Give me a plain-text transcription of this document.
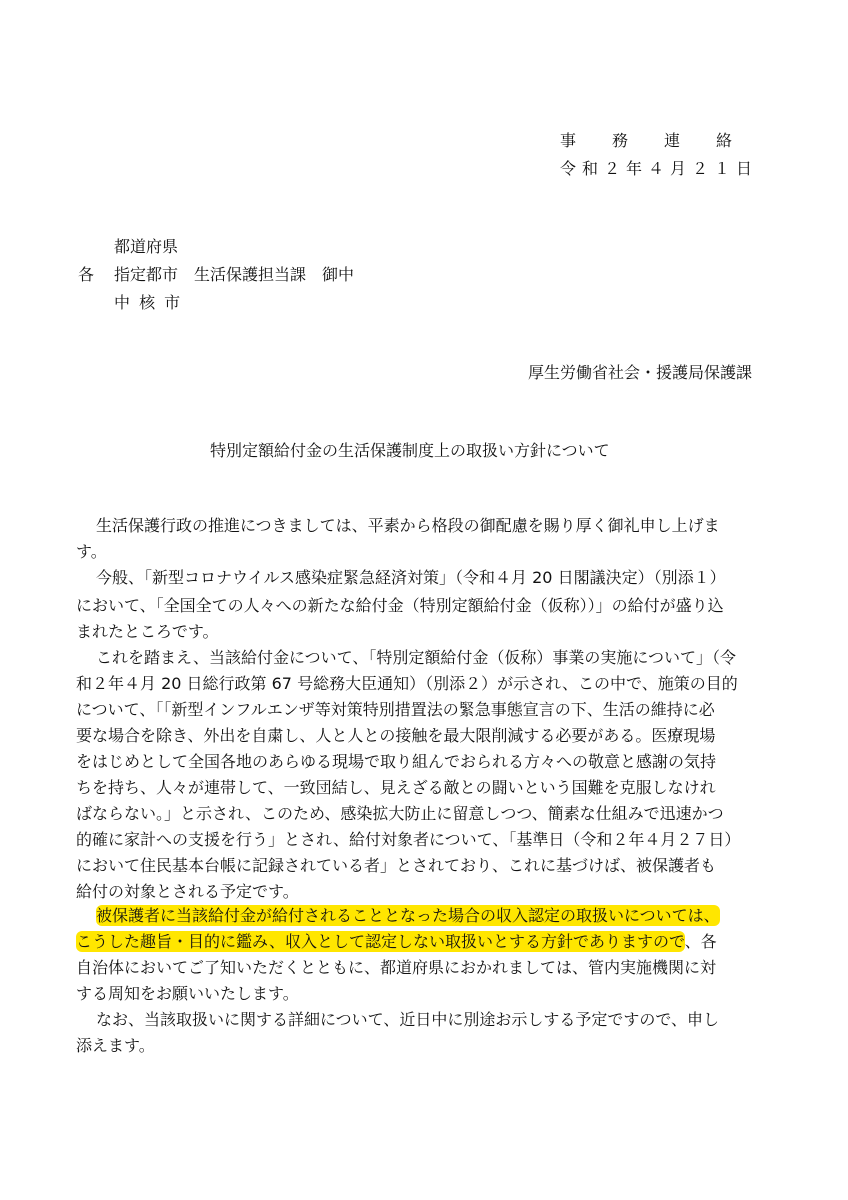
事　務　連　絡
令和２年４月２１日
都道府県
各 指定都市　生活保護担当課　御中
中 核 市
厚生労働省社会・援護局保護課
特別定額給付金の生活保護制度上の取扱い方針について
生活保護行政の推進につきましては、平素から格段の御配慮を賜り厚く御礼申し上げま
す。
今般、「新型コロナウイルス感染症緊急経済対策」（令和４月 20 日閣議決定）（別添１）
において、「全国全ての人々への新たな給付金（特別定額給付金（仮称））」の給付が盛り込
まれたところです。
これを踏まえ、当該給付金について、「特別定額給付金（仮称）事業の実施について」（令
和２年４月 20 日総行政第 67 号総務大臣通知）（別添２）が示され、この中で、施策の目的
について、「「新型インフルエンザ等対策特別措置法の緊急事態宣言の下、生活の維持に必
要な場合を除き、外出を自粛し、人と人との接触を最大限削減する必要がある。医療現場
をはじめとして全国各地のあらゆる現場で取り組んでおられる方々への敬意と感謝の気持
ちを持ち、人々が連帯して、一致団結し、見えざる敵との闘いという国難を克服しなけれ
ばならない。」と示され、このため、感染拡大防止に留意しつつ、簡素な仕組みで迅速かつ
的確に家計への支援を行う」とされ、給付対象者について、「基準日（令和２年４月２７日）
において住民基本台帳に記録されている者」とされており、これに基づけば、被保護者も
給付の対象とされる予定です。
被保護者に当該給付金が給付されることとなった場合の収入認定の取扱いについては、
こうした趣旨・目的に鑑み、収入として認定しない取扱いとする方針でありますので、各
自治体においてご了知いただくとともに、都道府県におかれましては、管内実施機関に対
する周知をお願いいたします。
なお、当該取扱いに関する詳細について、近日中に別途お示しする予定ですので、申し
添えます。
